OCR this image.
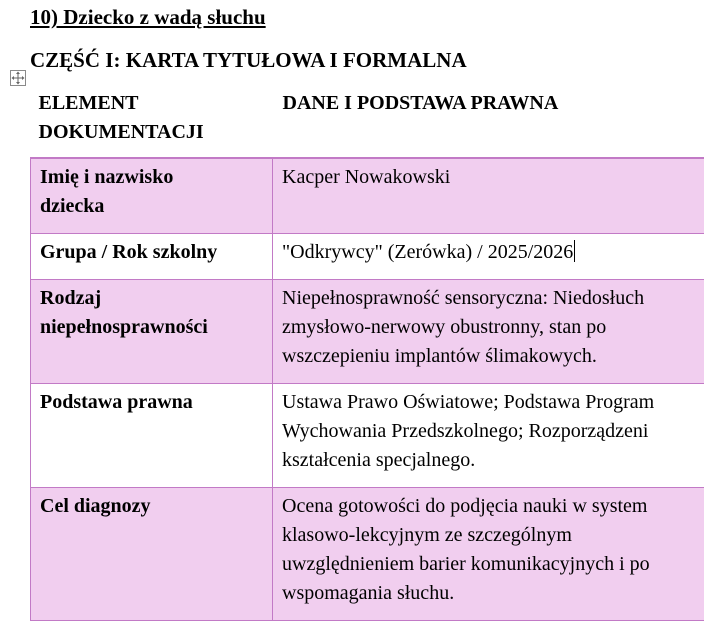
10) Dziecko z wadą słuchu

CZĘŚĆ I: KARTA TYTUŁOWA I FORMALNA

ELEMENT
DOKUMENTACJI	DANE I PODSTAWA PRAWNA

Imię i nazwisko
dziecka	Kacper Nowakowski

Grupa / Rok szkolny	"Odkrywcy" (Zerówka) / 2025/2026

Rodzaj
niepełnosprawności	Niepełnosprawność sensoryczna: Niedosłuch
zmysłowo-nerwowy obustronny, stan po
wszczepieniu implantów ślimakowych.

Podstawa prawna	Ustawa Prawo Oświatowe; Podstawa Program
Wychowania Przedszkolnego; Rozporządzeni
kształcenia specjalnego.

Cel diagnozy	Ocena gotowości do podjęcia nauki w system
klasowo-lekcyjnym ze szczególnym
uwzględnieniem barier komunikacyjnych i po
wspomagania słuchu.
